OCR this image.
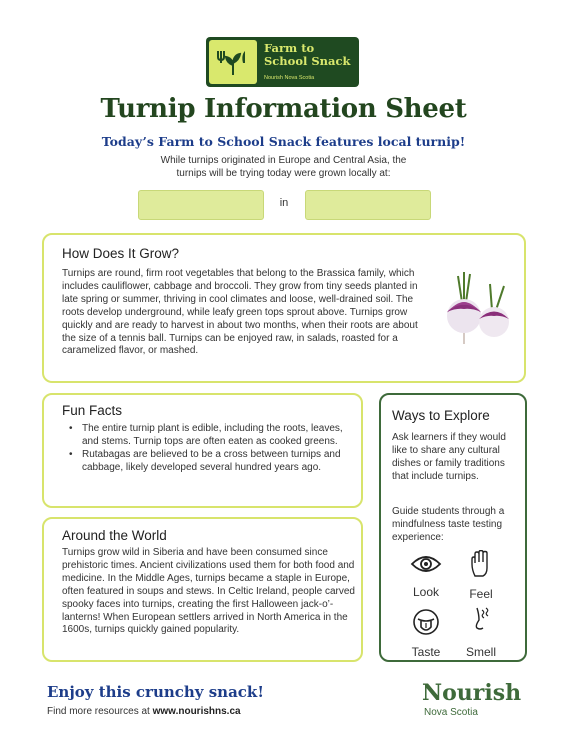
Farm to
School Snack
Nourish Nova Scotia
Turnip Information Sheet
Today’s Farm to School Snack features local turnip!
While turnips originated in Europe and Central Asia, the
turnips will be trying today were grown locally at:
in
How Does It Grow?
Turnips are round, firm root vegetables that belong to the Brassica family, which includes cauliflower, cabbage and broccoli. They grow from tiny seeds planted in late spring or summer, thriving in cool climates and loose, well-drained soil. The roots develop underground, while leafy green tops sprout above. Turnips grow quickly and are ready to harvest in about two months, when their roots are about the size of a tennis ball. Turnips can be enjoyed raw, in salads, roasted for a caramelized flavor, or mashed.
Fun Facts
• The entire turnip plant is edible, including the roots, leaves, and stems. Turnip tops are often eaten as cooked greens.
• Rutabagas are believed to be a cross between turnips and cabbage, likely developed several hundred years ago.
Around the World
Turnips grow wild in Siberia and have been consumed since prehistoric times. Ancient civilizations used them for both food and medicine. In the Middle Ages, turnips became a staple in Europe, often featured in soups and stews. In Celtic Ireland, people carved spooky faces into turnips, creating the first Halloween jack-o’-lanterns! When European settlers arrived in North America in the 1600s, turnips quickly gained popularity.
Ways to Explore
Ask learners if they would like to share any cultural dishes or family traditions that include turnips.
Guide students through a mindfulness taste testing experience:
Look	Feel
Taste	Smell
Enjoy this crunchy snack!
Find more resources at www.nourishns.ca
Nourish
Nova Scotia
